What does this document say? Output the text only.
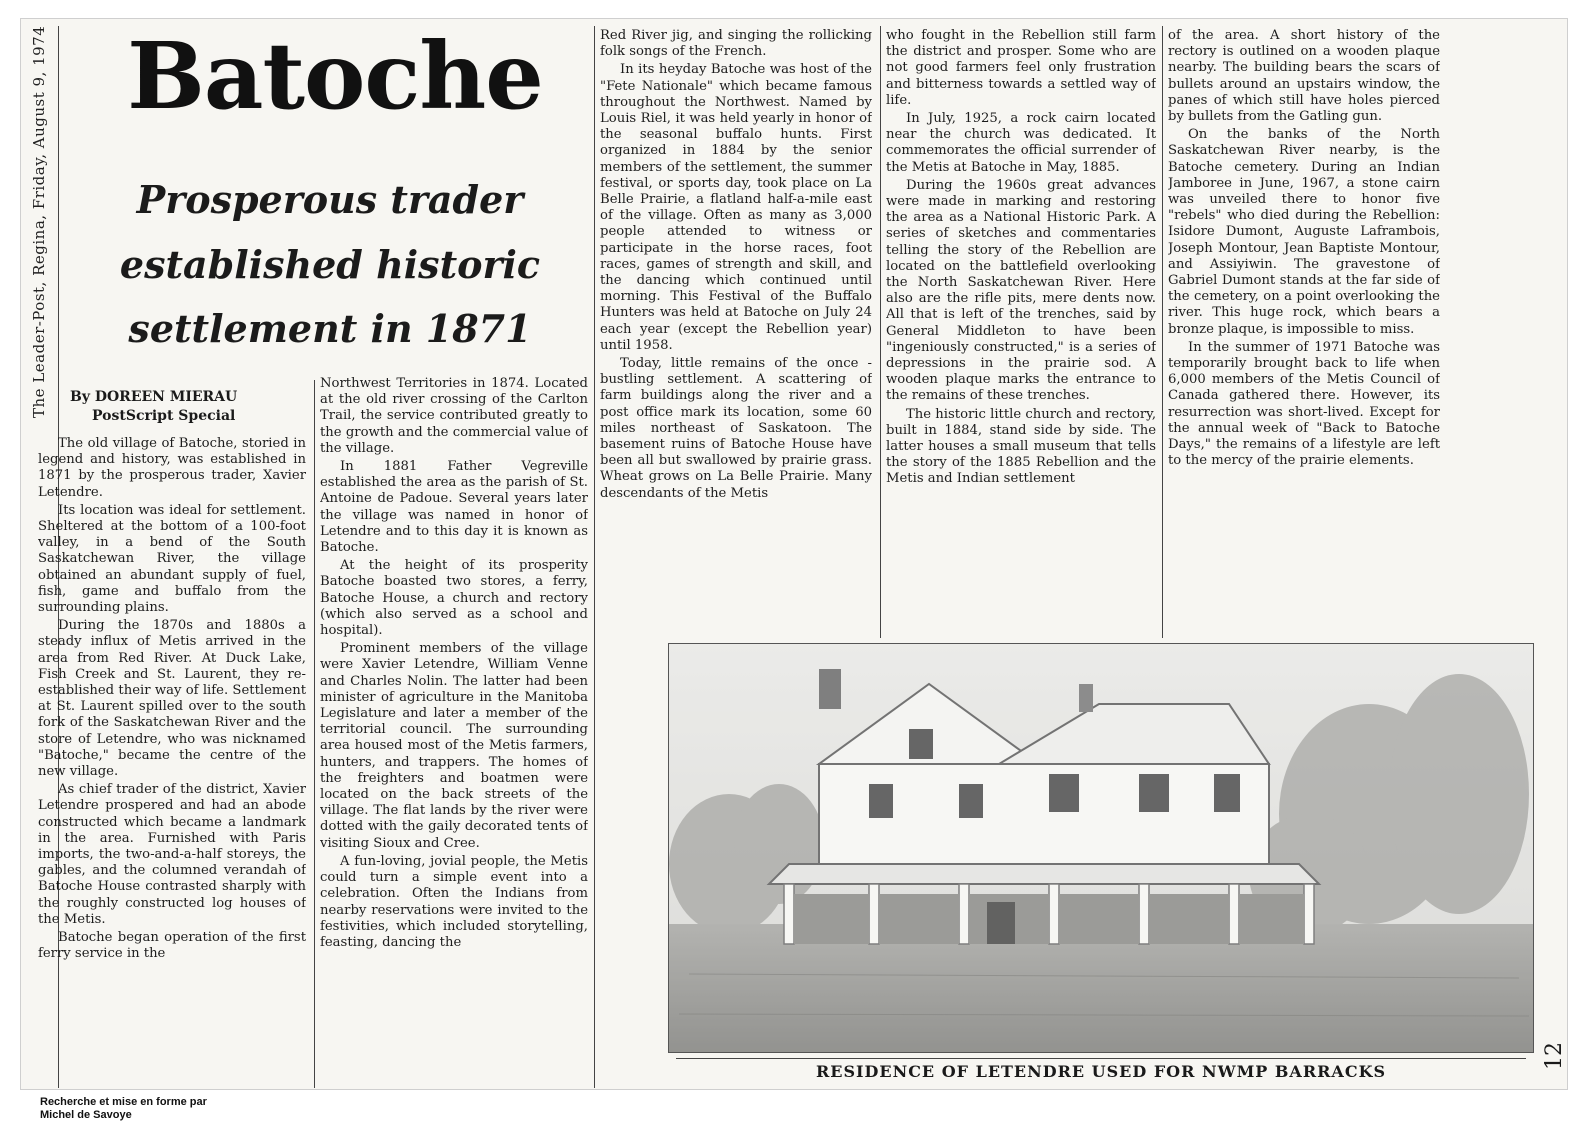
The Leader-Post, Regina, Friday, August 9, 1974 Batoche
Prosperous trader
established historic
settlement in 1871
By DOREEN MIERAU
PostScript Special

The old village of Batoche, storied in legend and history, was established in 1871 by the prosperous trader, Xavier Letendre.

Its location was ideal for settlement. Sheltered at the bottom of a 100-foot valley, in a bend of the South Saskatchewan River, the village obtained an abundant supply of fuel, fish, game and buffalo from the surrounding plains.

During the 1870s and 1880s a steady influx of Metis arrived in the area from Red River. At Duck Lake, Fish Creek and St. Laurent, they re-established their way of life. Settlement at St. Laurent spilled over to the south fork of the Saskatchewan River and the store of Letendre, who was nicknamed "Batoche," became the centre of the new village.

As chief trader of the district, Xavier Letendre prospered and had an abode constructed which became a landmark in the area. Furnished with Paris imports, the two-and-a-half storeys, the gables, and the columned verandah of Batoche House contrasted sharply with the roughly constructed log houses of the Metis.

Batoche began operation of the first ferry service in the

Northwest Territories in 1874. Located at the old river crossing of the Carlton Trail, the service contributed greatly to the growth and the commercial value of the village.

In 1881 Father Vegreville established the area as the parish of St. Antoine de Padoue. Several years later the village was named in honor of Letendre and to this day it is known as Batoche.

At the height of its prosperity Batoche boasted two stores, a ferry, Batoche House, a church and rectory (which also served as a school and hospital).

Prominent members of the village were Xavier Letendre, William Venne and Charles Nolin. The latter had been minister of agriculture in the Manitoba Legislature and later a member of the territorial council. The surrounding area housed most of the Metis farmers, hunters, and trappers. The homes of the freighters and boatmen were located on the back streets of the village. The flat lands by the river were dotted with the gaily decorated tents of visiting Sioux and Cree.

A fun-loving, jovial people, the Metis could turn a simple event into a celebration. Often the Indians from nearby reservations were invited to the festivities, which included storytelling, feasting, dancing the

Red River jig, and singing the rollicking folk songs of the French.

In its heyday Batoche was host of the "Fete Nationale" which became famous throughout the Northwest. Named by Louis Riel, it was held yearly in honor of the seasonal buffalo hunts. First organized in 1884 by the senior members of the settlement, the summer festival, or sports day, took place on La Belle Prairie, a flatland half-a-mile east of the village. Often as many as 3,000 people attended to witness or participate in the horse races, foot races, games of strength and skill, and the dancing which continued until morning. This Festival of the Buffalo Hunters was held at Batoche on July 24 each year (except the Rebellion year) until 1958.

Today, little remains of the once - bustling settlement. A scattering of farm buildings along the river and a post office mark its location, some 60 miles northeast of Saskatoon. The basement ruins of Batoche House have been all but swallowed by prairie grass. Wheat grows on La Belle Prairie. Many descendants of the Metis

who fought in the Rebellion still farm the district and prosper. Some who are not good farmers feel only frustration and bitterness towards a settled way of life.

In July, 1925, a rock cairn located near the church was dedicated. It commemorates the official surrender of the Metis at Batoche in May, 1885.

During the 1960s great advances were made in marking and restoring the area as a National Historic Park. A series of sketches and commentaries telling the story of the Rebellion are located on the battlefield overlooking the North Saskatchewan River. Here also are the rifle pits, mere dents now. All that is left of the trenches, said by General Middleton to have been "ingeniously constructed," is a series of depressions in the prairie sod. A wooden plaque marks the entrance to the remains of these trenches.

The historic little church and rectory, built in 1884, stand side by side. The latter houses a small museum that tells the story of the 1885 Rebellion and the Metis and Indian settlement

of the area. A short history of the rectory is outlined on a wooden plaque nearby. The building bears the scars of bullets around an upstairs window, the panes of which still have holes pierced by bullets from the Gatling gun.

On the banks of the North Saskatchewan River nearby, is the Batoche cemetery. During an Indian Jamboree in June, 1967, a stone cairn was unveiled there to honor five "rebels" who died during the Rebellion: Isidore Dumont, Auguste Laframbois, Joseph Montour, Jean Baptiste Montour, and Assiyiwin. The gravestone of Gabriel Dumont stands at the far side of the cemetery, on a point overlooking the river. This huge rock, which bears a bronze plaque, is impossible to miss.

In the summer of 1971 Batoche was temporarily brought back to life when 6,000 members of the Metis Council of Canada gathered there. However, its resurrection was short-lived. Except for the annual week of "Back to Batoche Days," the remains of a lifestyle are left to the mercy of the prairie elements.

RESIDENCE OF LETENDRE USED FOR NWMP BARRACKS
12
Recherche et mise en forme par
Michel de Savoye
